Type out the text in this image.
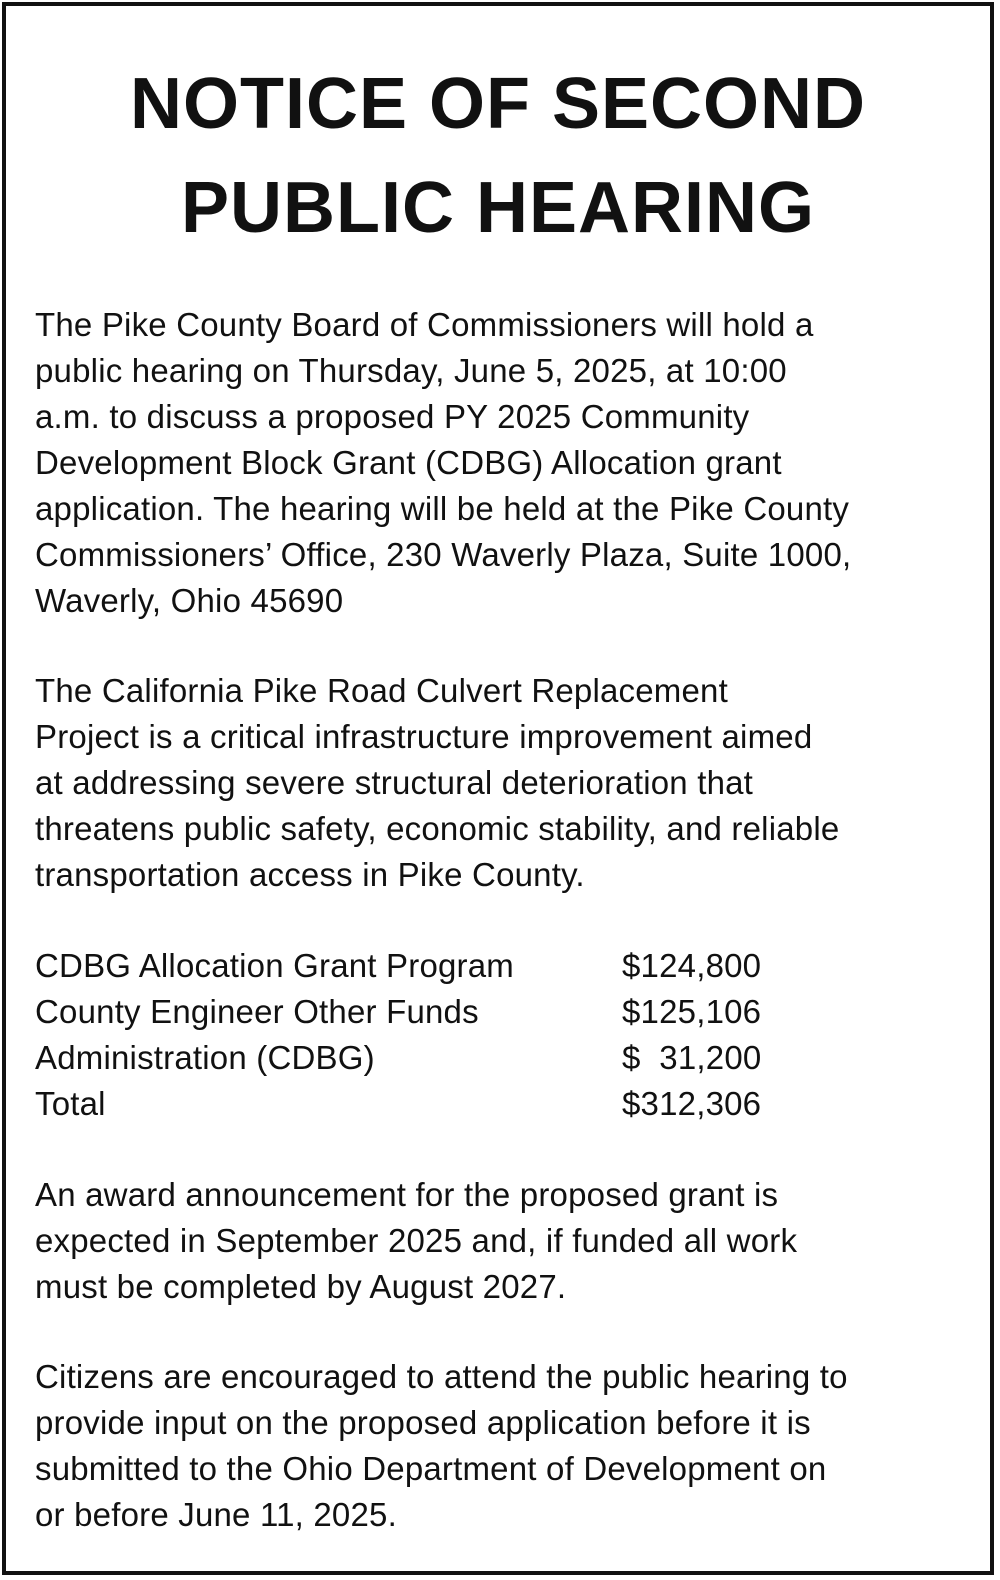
NOTICE OF SECOND
PUBLIC HEARING

The Pike County Board of Commissioners will hold a
public hearing on Thursday, June 5, 2025, at 10:00
a.m. to discuss a proposed PY 2025 Community
Development Block Grant (CDBG) Allocation grant
application. The hearing will be held at the Pike County
Commissioners’ Office, 230 Waverly Plaza, Suite 1000,
Waverly, Ohio 45690

The California Pike Road Culvert Replacement
Project is a critical infrastructure improvement aimed
at addressing severe structural deterioration that
threatens public safety, economic stability, and reliable
transportation access in Pike County.

CDBG Allocation Grant Program	$124,800
County Engineer Other Funds	$125,106
Administration (CDBG)	$  31,200
Total	$312,306

An award announcement for the proposed grant is
expected in September 2025 and, if funded all work
must be completed by August 2027.

Citizens are encouraged to attend the public hearing to
provide input on the proposed application before it is
submitted to the Ohio Department of Development on
or before June 11, 2025.
